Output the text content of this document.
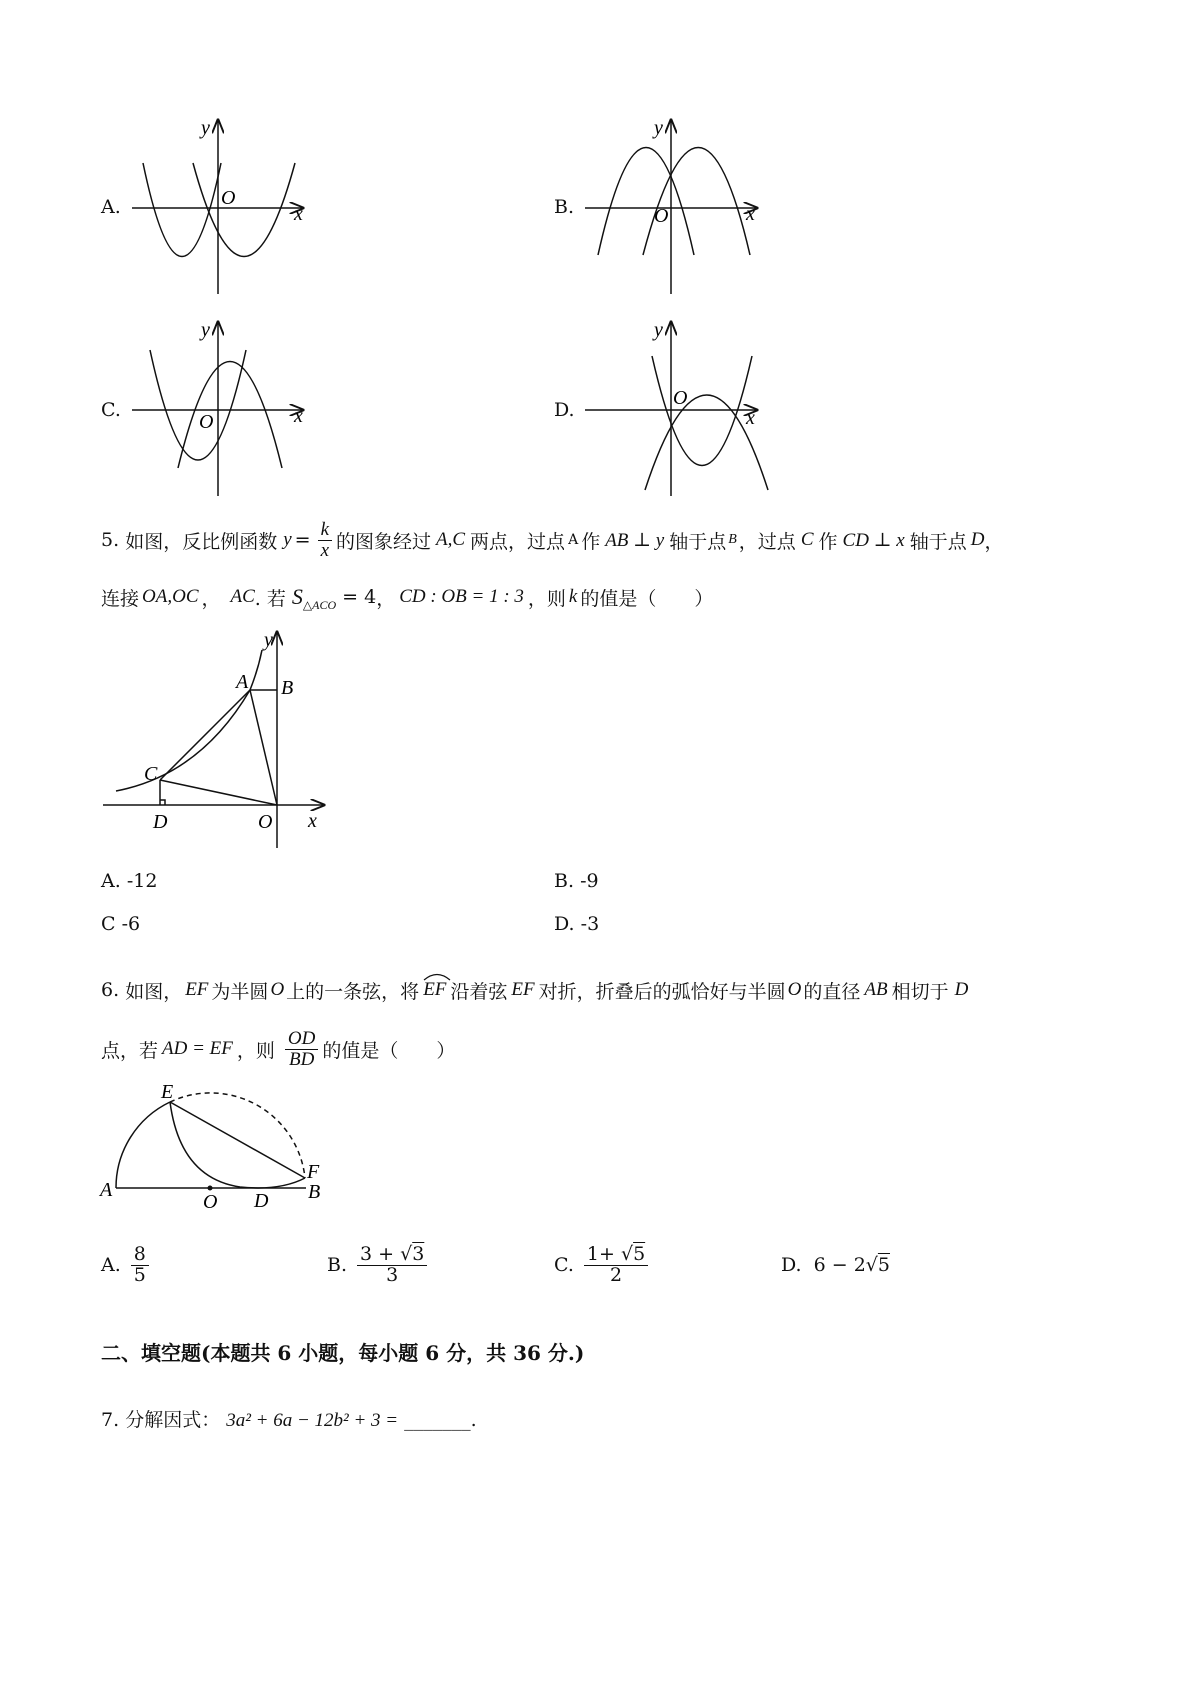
A.	B.
C.	D.
y
x
O
y
x
O
y
x
O
y
x
O
5.
如图，反比例函数 $y = \frac{k}{x}$ 的图象经过 A,C 两点，过点 A 作 AB ⊥ y 轴于点 B ，过点 C 作 CD ⊥ x 轴于点 D ，
连接 OA,OC ， AC . 若 S △ACO = 4 ， CD : OB = 1 : 3 ，则 k 的值是（　　）
A B
C
D	O x
y
A. -12	B. -9
C -6	D. -3
6.
如图， EF 为半圆 O 上的一条弦，将 EF 沿着弦 EF 对折，折叠后的弧恰好与半圆 O 的直径 AB 相切于 D
点，若 AD = EF ，则 $\frac{OD}{BD}$ 的值是（　　）
E
F
A
O D B
A. $\frac{8}{5}$	B. $\frac{3 + √3}{3}$	C. $\frac{1+ √5}{2}$	D. 6 − 2√5
二、填空题(本题共 6 小题，每小题 6 分，共 36 分.)
7.
分解因式： 3a² + 6a − 12b² + 3 = _______ .
